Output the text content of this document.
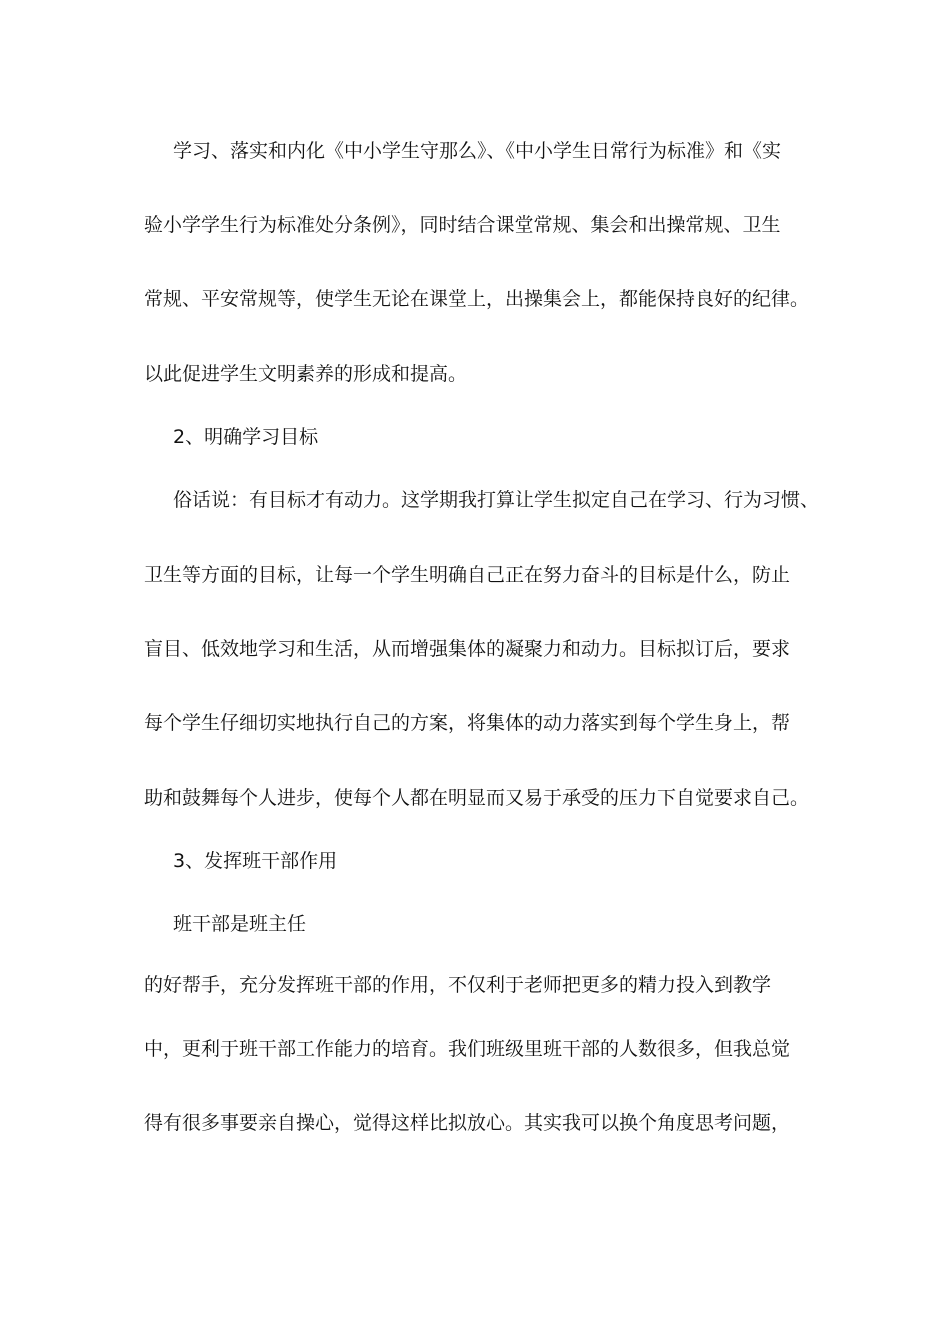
学习、落实和内化《中小学生守那么》、《中小学生日常行为标准》和《实
验小学学生行为标准处分条例》，同时结合课堂常规、集会和出操常规、卫生
常规、平安常规等，使学生无论在课堂上，出操集会上，都能保持良好的纪律。
以此促进学生文明素养的形成和提高。
2、明确学习目标
俗话说：有目标才有动力。这学期我打算让学生拟定自己在学习、行为习惯、
卫生等方面的目标，让每一个学生明确自己正在努力奋斗的目标是什么，防止
盲目、低效地学习和生活，从而增强集体的凝聚力和动力。目标拟订后，要求
每个学生仔细切实地执行自己的方案，将集体的动力落实到每个学生身上，帮
助和鼓舞每个人进步，使每个人都在明显而又易于承受的压力下自觉要求自己。
3、发挥班干部作用
班干部是班主任
的好帮手，充分发挥班干部的作用，不仅利于老师把更多的精力投入到教学
中，更利于班干部工作能力的培育。我们班级里班干部的人数很多，但我总觉
得有很多事要亲自操心，觉得这样比拟放心。其实我可以换个角度思考问题，
